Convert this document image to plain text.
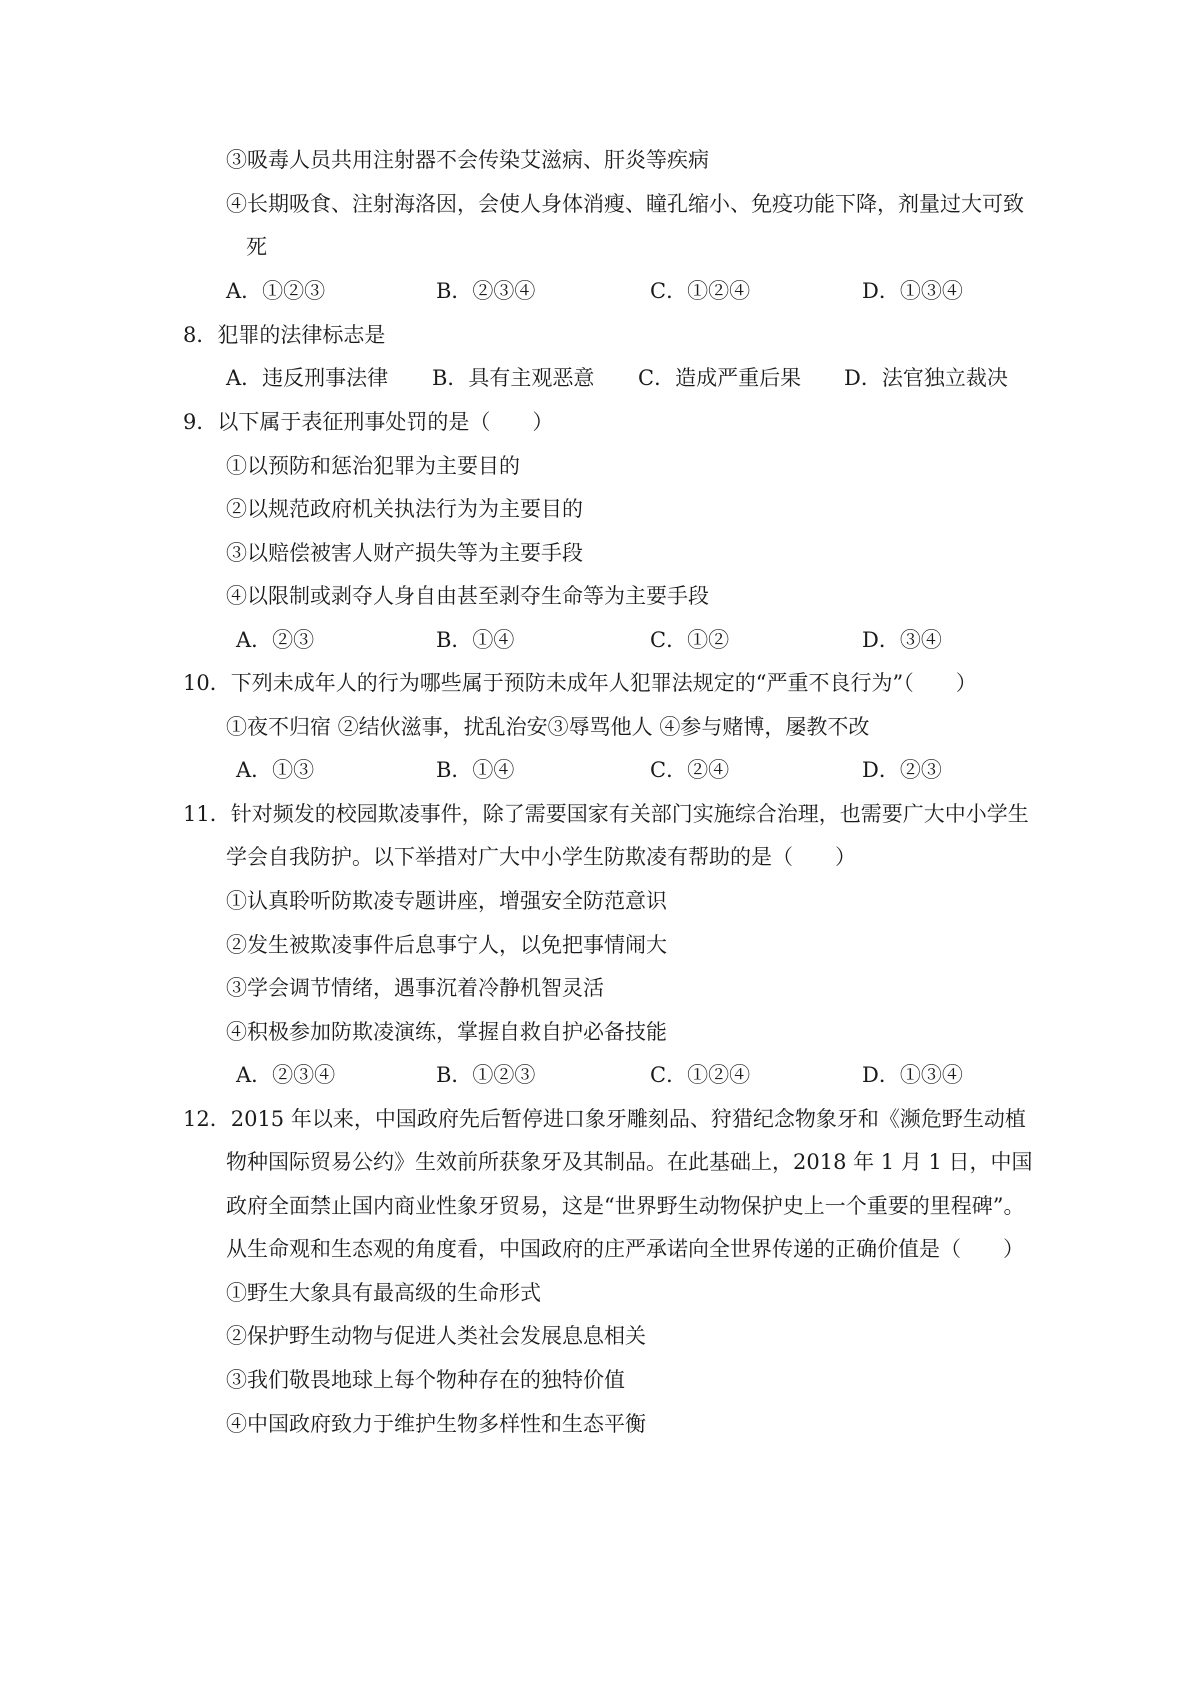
③吸毒人员共用注射器不会传染艾滋病、肝炎等疾病
④长期吸食、注射海洛因，会使人身体消瘦、瞳孔缩小、免疫功能下降，剂量过大可致
死
A．①②③	B．②③④	C．①②④	D．①③④
8．犯罪的法律标志是
A．违反刑事法律 B．具有主观恶意 C．造成严重后果 D．法官独立裁决
9．以下属于表征刑事处罚的是（　　）
①以预防和惩治犯罪为主要目的
②以规范政府机关执法行为为主要目的
③以赔偿被害人财产损失等为主要手段
④以限制或剥夺人身自由甚至剥夺生命等为主要手段
A．②③	B．①④	C．①②	D．③④
10．下列未成年人的行为哪些属于预防未成年人犯罪法规定的“严重不良行为”（　　）
①夜不归宿 ②结伙滋事，扰乱治安③辱骂他人 ④参与赌博，屡教不改
A．①③	B．①④	C．②④	D．②③
11．针对频发的校园欺凌事件，除了需要国家有关部门实施综合治理，也需要广大中小学生
学会自我防护。以下举措对广大中小学生防欺凌有帮助的是（　　）
①认真聆听防欺凌专题讲座，增强安全防范意识
②发生被欺凌事件后息事宁人，以免把事情闹大
③学会调节情绪，遇事沉着冷静机智灵活
④积极参加防欺凌演练，掌握自救自护必备技能
A．②③④	B．①②③	C．①②④	D．①③④
12．2015 年以来，中国政府先后暂停进口象牙雕刻品、狩猎纪念物象牙和《濒危野生动植
物种国际贸易公约》生效前所获象牙及其制品。在此基础上，2018 年 1 月 1 日，中国
政府全面禁止国内商业性象牙贸易，这是“世界野生动物保护史上一个重要的里程碑”。
从生命观和生态观的角度看，中国政府的庄严承诺向全世界传递的正确价值是（　　）
①野生大象具有最高级的生命形式
②保护野生动物与促进人类社会发展息息相关
③我们敬畏地球上每个物种存在的独特价值
④中国政府致力于维护生物多样性和生态平衡
